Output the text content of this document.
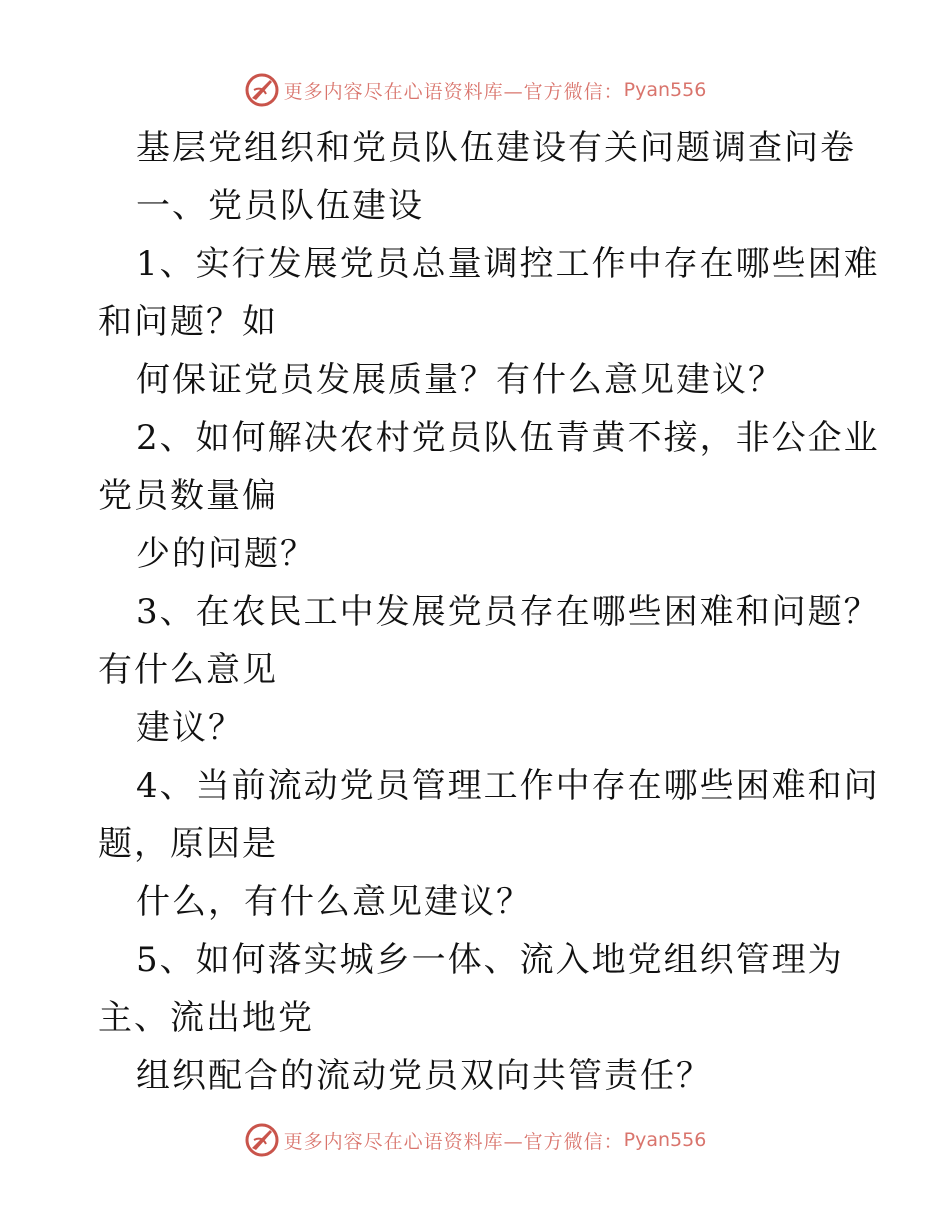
更多内容尽在心语资料库—官方微信： Pyan556
基层党组织和党员队伍建设有关问题调查问卷
一、党员队伍建设
1、实行发展党员总量调控工作中存在哪些困难
和问题？如
何保证党员发展质量？有什么意见建议？
2、如何解决农村党员队伍青黄不接，非公企业
党员数量偏
少的问题？
3、在农民工中发展党员存在哪些困难和问题？
有什么意见
建议？
4、当前流动党员管理工作中存在哪些困难和问
题，原因是
什么，有什么意见建议？
5、如何落实城乡一体、流入地党组织管理为
主、流出地党
组织配合的流动党员双向共管责任？
更多内容尽在心语资料库—官方微信： Pyan556
